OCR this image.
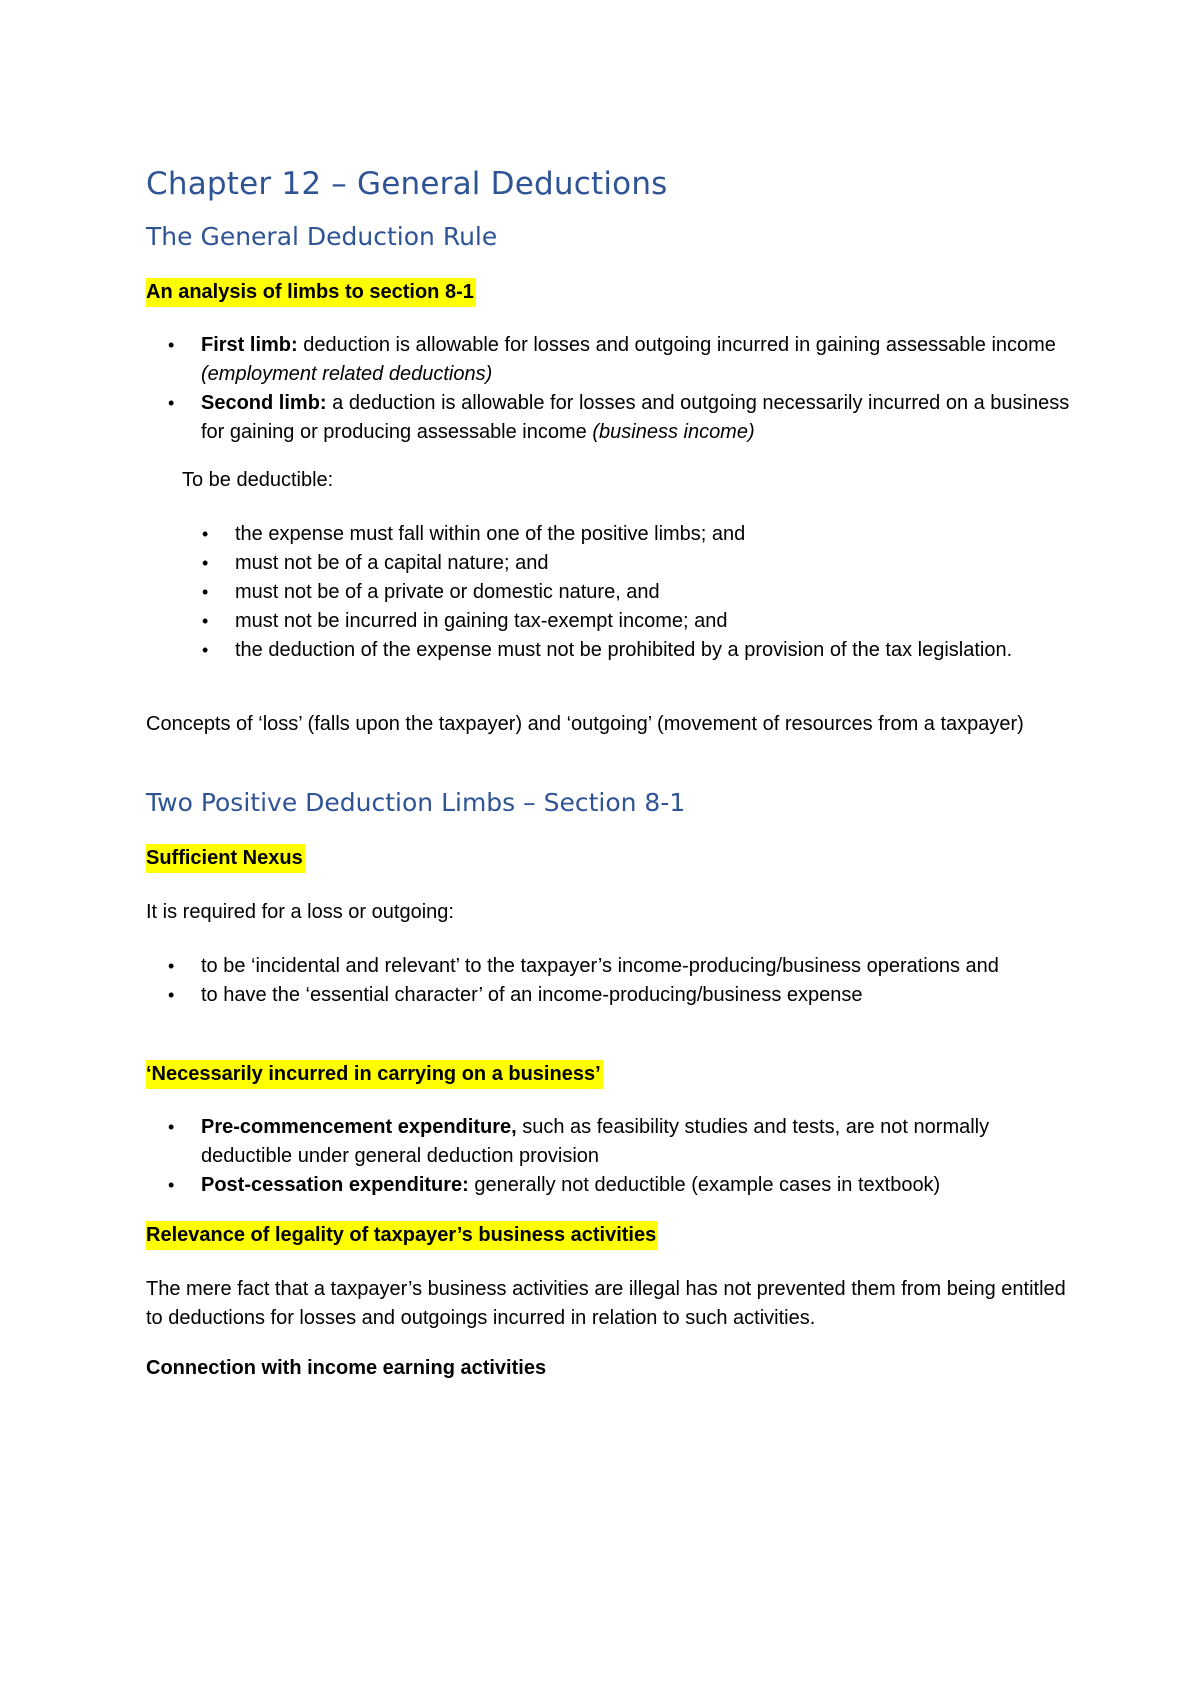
Chapter 12 – General Deductions
The General Deduction Rule
An analysis of limbs to section 8-1
• First limb: deduction is allowable for losses and outgoing incurred in gaining assessable income (employment related deductions)
• Second limb: a deduction is allowable for losses and outgoing necessarily incurred on a business for gaining or producing assessable income (business income)

To be deductible:

• the expense must fall within one of the positive limbs; and
• must not be of a capital nature; and
• must not be of a private or domestic nature, and
• must not be incurred in gaining tax-exempt income; and
• the deduction of the expense must not be prohibited by a provision of the tax legislation.

Concepts of ‘loss’ (falls upon the taxpayer) and ‘outgoing’ (movement of resources from a taxpayer)

Two Positive Deduction Limbs – Section 8-1
Sufficient Nexus

It is required for a loss or outgoing:

• to be ‘incidental and relevant’ to the taxpayer’s income-producing/business operations and
• to have the ‘essential character’ of an income-producing/business expense
‘Necessarily incurred in carrying on a business’
• Pre-commencement expenditure, such as feasibility studies and tests, are not normally deductible under general deduction provision
• Post-cessation expenditure: generally not deductible (example cases in textbook)
Relevance of legality of taxpayer’s business activities

The mere fact that a taxpayer’s business activities are illegal has not prevented them from being entitled to deductions for losses and outgoings incurred in relation to such activities.

Connection with income earning activities
